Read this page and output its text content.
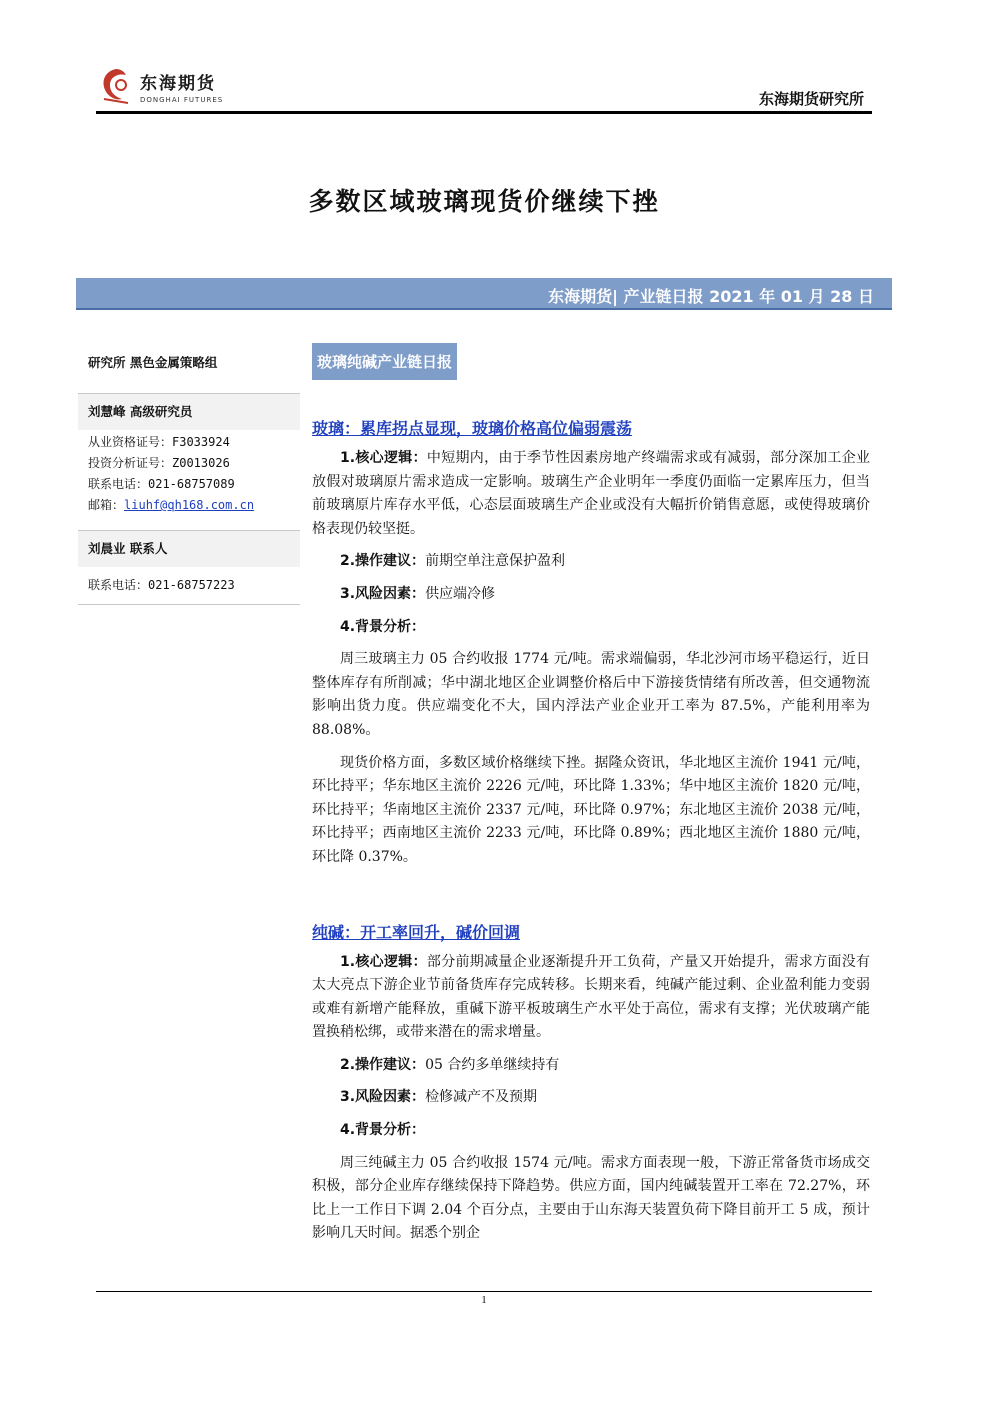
东海期货
DONGHAI FUTURES	东海期货研究所
多数区域玻璃现货价继续下挫
东海期货| 产业链日报 2021 年 01 月 28 日
研究所 黑色金属策略组
刘慧峰 高级研究员
从业资格证号：F3033924
投资分析证号：Z0013026
联系电话：021-68757089
邮箱：liuhf@qh168.com.cn
刘晨业 联系人
联系电话：021-68757223
玻璃纯碱产业链日报
玻璃：累库拐点显现，玻璃价格高位偏弱震荡

1.核心逻辑：中短期内，由于季节性因素房地产终端需求或有减弱，部分深加工企业放假对玻璃原片需求造成一定影响。玻璃生产企业明年一季度仍面临一定累库压力，但当前玻璃原片库存水平低，心态层面玻璃生产企业或没有大幅折价销售意愿，或使得玻璃价格表现仍较坚挺。

2.操作建议：前期空单注意保护盈利

3.风险因素：供应端冷修

4.背景分析：

周三玻璃主力 05 合约收报 1774 元/吨。需求端偏弱，华北沙河市场平稳运行，近日整体库存有所削减；华中湖北地区企业调整价格后中下游接货情绪有所改善，但交通物流影响出货力度。供应端变化不大，国内浮法产业企业开工率为 87.5%，产能利用率为 88.08%。

现货价格方面，多数区域价格继续下挫。据隆众资讯，华北地区主流价 1941 元/吨，环比持平；华东地区主流价 2226 元/吨，环比降 1.33%；华中地区主流价 1820 元/吨，环比持平；华南地区主流价 2337 元/吨，环比降 0.97%；东北地区主流价 2038 元/吨，环比持平；西南地区主流价 2233 元/吨，环比降 0.89%；西北地区主流价 1880 元/吨，环比降 0.37%。

纯碱：开工率回升，碱价回调

1.核心逻辑：部分前期减量企业逐渐提升开工负荷，产量又开始提升，需求方面没有太大亮点下游企业节前备货库存完成转移。长期来看，纯碱产能过剩、企业盈利能力变弱或难有新增产能释放，重碱下游平板玻璃生产水平处于高位，需求有支撑；光伏玻璃产能置换稍松绑，或带来潜在的需求增量。

2.操作建议：05 合约多单继续持有

3.风险因素：检修减产不及预期

4.背景分析：

周三纯碱主力 05 合约收报 1574 元/吨。需求方面表现一般，下游正常备货市场成交积极，部分企业库存继续保持下降趋势。供应方面，国内纯碱装置开工率在 72.27%，环比上一工作日下调 2.04 个百分点，主要由于山东海天装置负荷下降目前开工 5 成，预计影响几天时间。据悉个别企

1
